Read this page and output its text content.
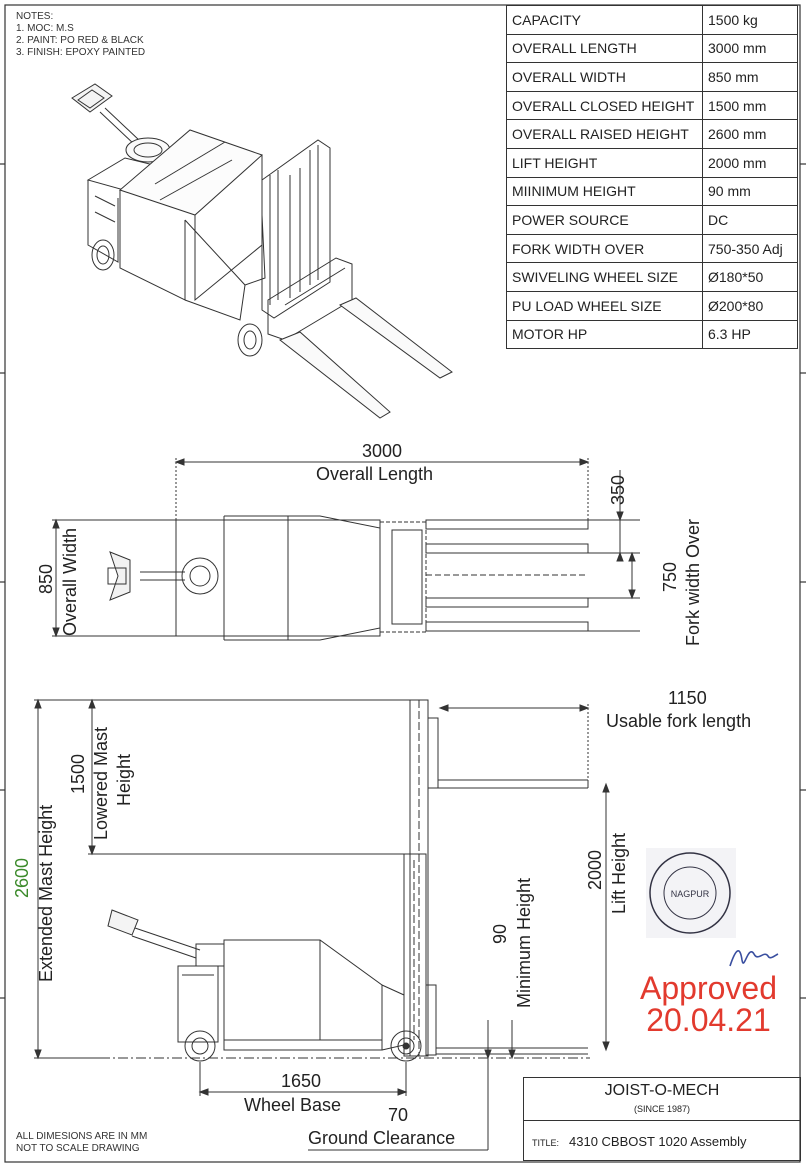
NAGPUR
NOTES:
1. MOC: M.S
2. PAINT: PO RED & BLACK
3. FINISH: EPOXY PAINTED
CAPACITY	1500 kg
OVERALL LENGTH	3000 mm
OVERALL WIDTH	850 mm
OVERALL CLOSED HEIGHT	1500 mm
OVERALL RAISED HEIGHT	2600 mm
LIFT HEIGHT	2000 mm
MIINIMUM HEIGHT	90 mm
POWER SOURCE	DC
FORK WIDTH OVER	750-350 Adj
SWIVELING WHEEL SIZE	Ø180*50
PU LOAD WHEEL SIZE	Ø200*80
MOTOR HP	6.3 HP
3000
Overall Length
350
850 Overall Width	750 Fork width Over
1150
Usable fork length
1500 Lowered Mast Height
2600 Extended Mast Height	90 Minimum Height
2000 Lift Height
1650
Wheel Base	70
Ground Clearance
ALL DIMESIONS ARE IN MM
NOT TO SCALE DRAWING
Approved
20.04.21
JOIST-O-MECH
(SINCE 1987)
TITLE: 4310 CBBOST 1020 Assembly
